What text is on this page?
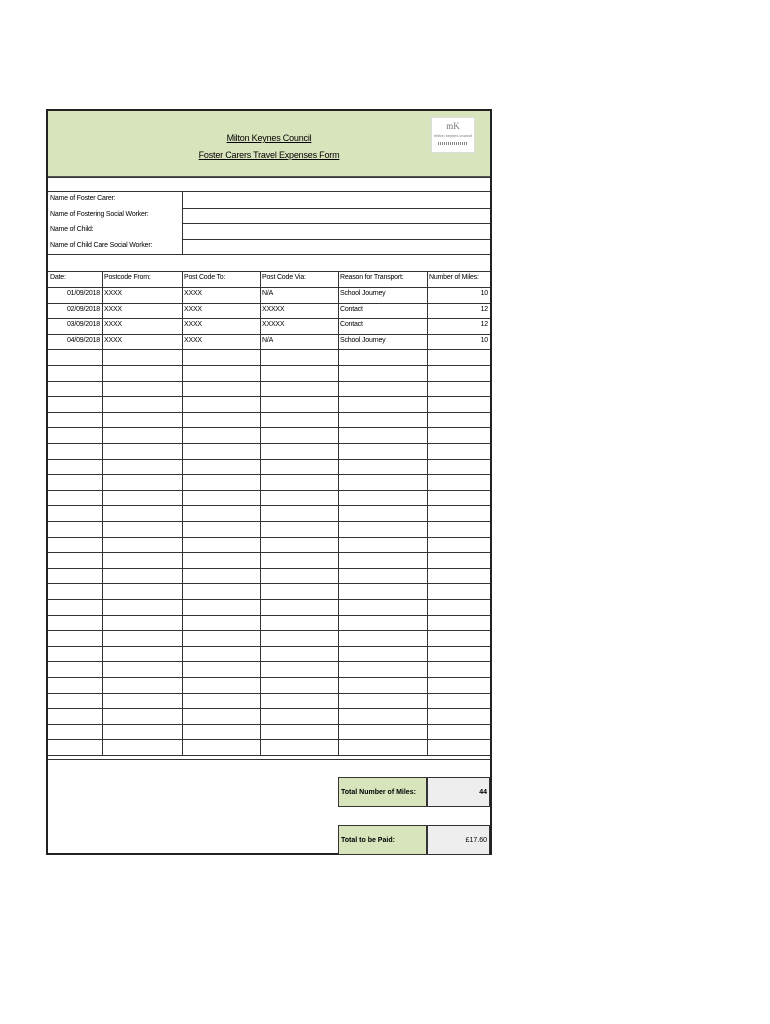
Milton Keynes Council
Foster Carers Travel Expenses Form
mK
milton keynes council
Name of Foster Carer:
Name of Fostering Social Worker:
Name of Child:
Name of Child Care Social Worker:
Date:	Postcode From:	Post Code To:	Post Code Via:	Reason for Transport:	Number of Miles:
01/09/2018 XXXX	XXXX	N/A	School Journey	10
02/09/2018 XXXX	XXXX	XXXXX	Contact	12
03/09/2018 XXXX	XXXX	XXXXX	Contact	12
04/09/2018 XXXX	XXXX	N/A	School Journey	10
Total Number of Miles:	44
Total to be Paid:	£17.60
